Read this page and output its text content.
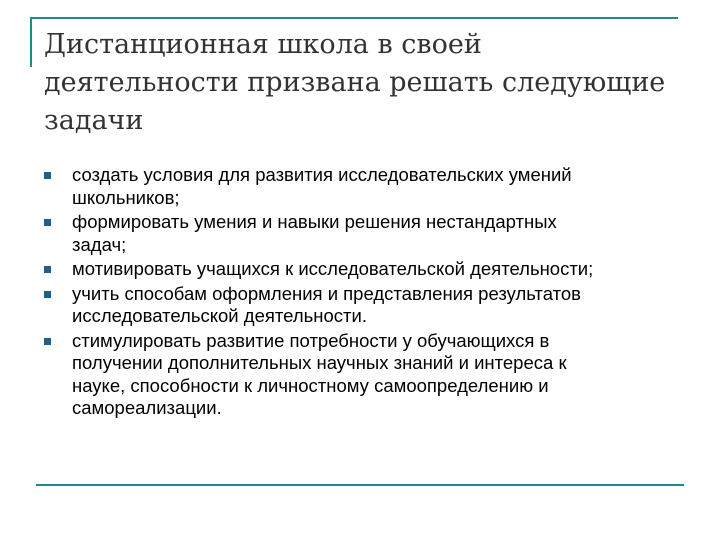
Дистанционная школа в своей
деятельности призвана решать следующие
задачи
создать условия для развития исследовательских умений
школьников;
формировать умения и навыки решения нестандартных
задач;
мотивировать учащихся к исследовательской деятельности;
учить способам оформления и представления результатов
исследовательской деятельности.
стимулировать развитие потребности у обучающихся в
получении дополнительных научных знаний и интереса к
науке, способности к личностному самоопределению и
самореализации.
